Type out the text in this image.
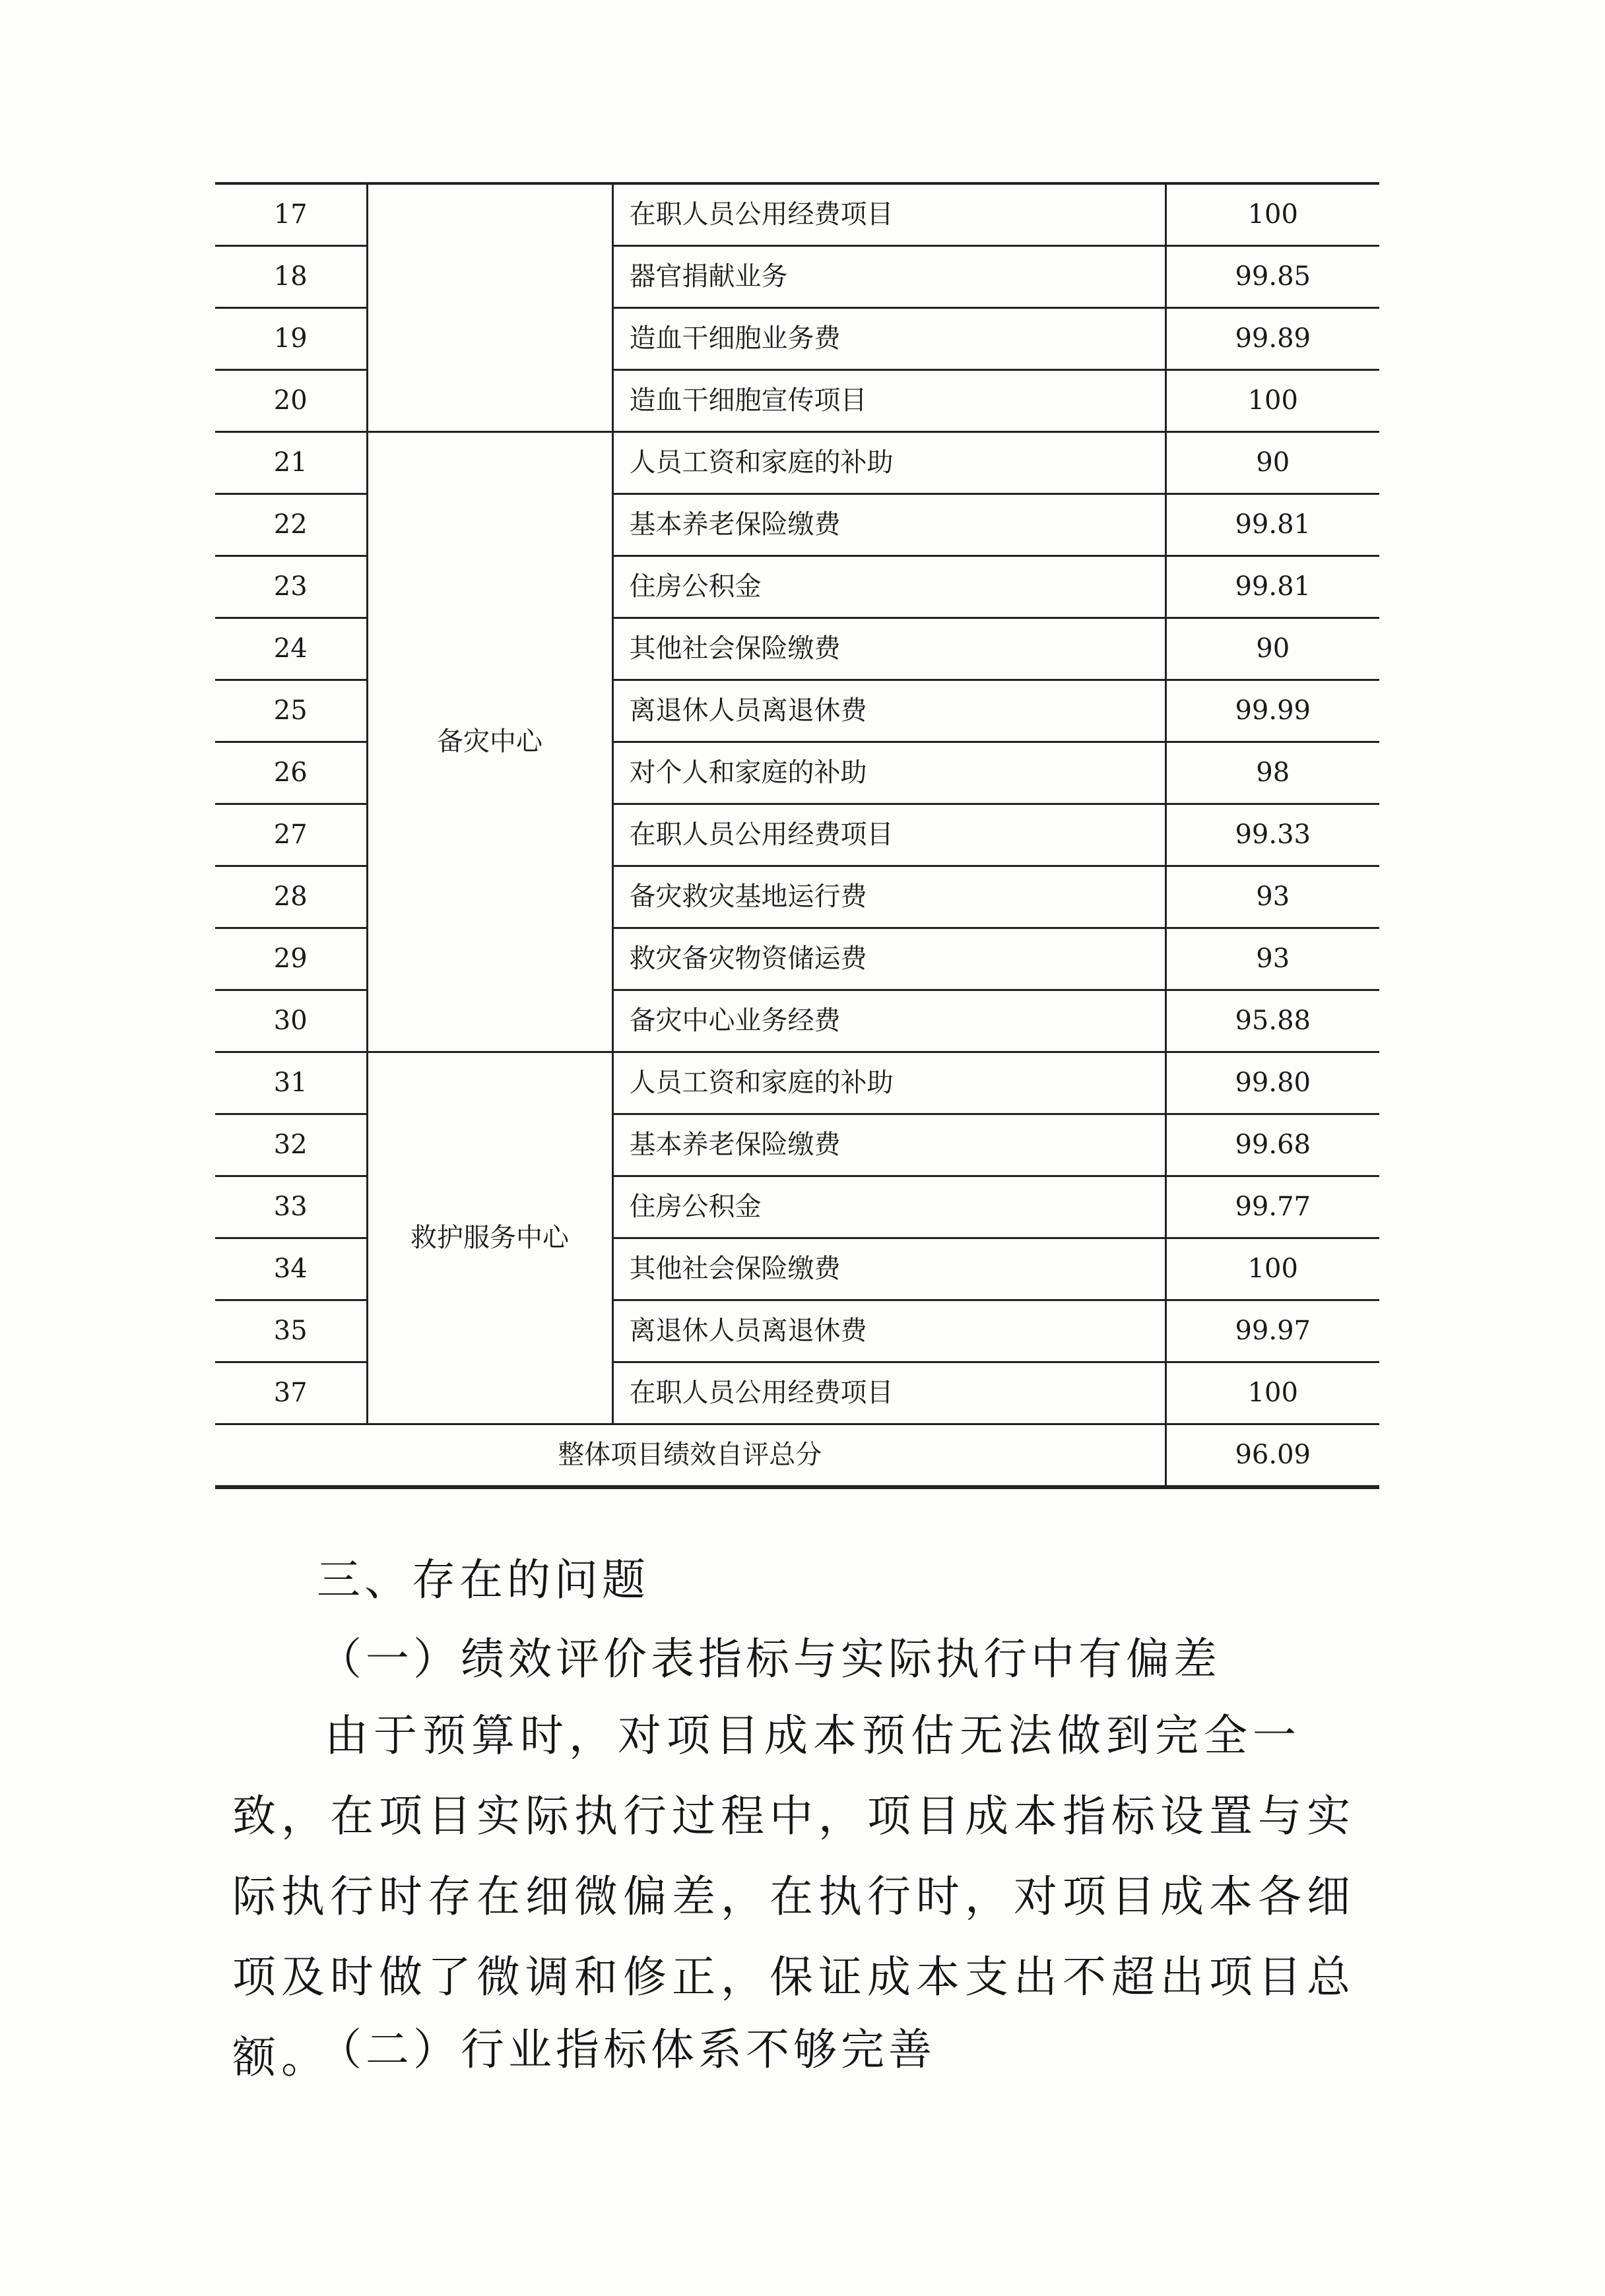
17		在职人员公用经费项目	100
18		器官捐献业务	99.85
19		造血干细胞业务费	99.89
20		造血干细胞宣传项目	100
21	备灾中心	人员工资和家庭的补助	90
22		基本养老保险缴费	99.81
23		住房公积金	99.81
24		其他社会保险缴费	90
25		离退休人员离退休费	99.99
26		对个人和家庭的补助	98
27		在职人员公用经费项目	99.33
28		备灾救灾基地运行费	93
29		救灾备灾物资储运费	93
30		备灾中心业务经费	95.88
31	救护服务中心	人员工资和家庭的补助	99.80
32		基本养老保险缴费	99.68
33		住房公积金	99.77
34		其他社会保险缴费	100
35		离退休人员离退休费	99.97
37		在职人员公用经费项目	100
整体项目绩效自评总分			96.09

三、存在的问题

（一）绩效评价表指标与实际执行中有偏差

由于预算时，对项目成本预估无法做到完全一致，在项目实际执行过程中，项目成本指标设置与实际执行时存在细微偏差，在执行时，对项目成本各细项及时做了微调和修正，保证成本支出不超出项目总额。

（二）行业指标体系不够完善
